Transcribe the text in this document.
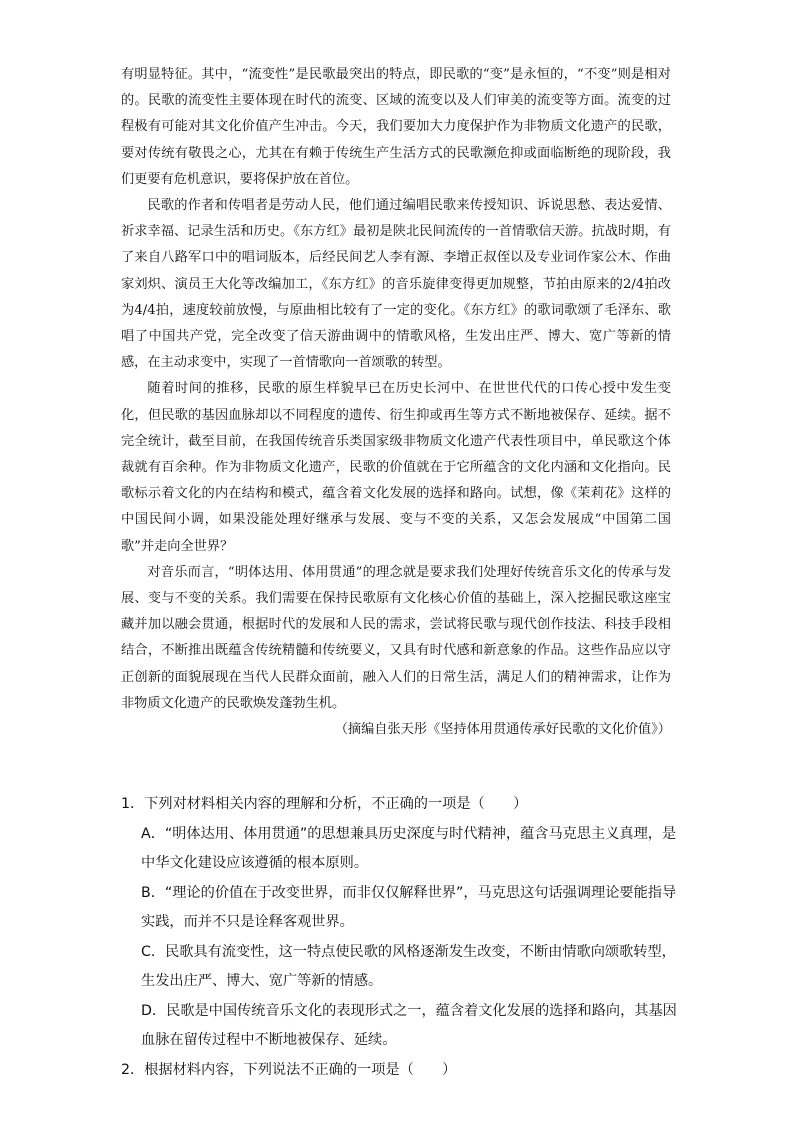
有明显特征。其中，“流变性”是民歌最突出的特点，即民歌的“变”是永恒的，“不变”则是相对的。民歌的流变性主要体现在时代的流变、区域的流变以及人们审美的流变等方面。流变的过程极有可能对其文化价值产生冲击。今天，我们要加大力度保护作为非物质文化遗产的民歌，要对传统有敬畏之心，尤其在有赖于传统生产生活方式的民歌濒危抑或面临断绝的现阶段，我们更要有危机意识，要将保护放在首位。

民歌的作者和传唱者是劳动人民，他们通过编唱民歌来传授知识、诉说思愁、表达爱情、祈求幸福、记录生活和历史。《东方红》最初是陕北民间流传的一首情歌信天游。抗战时期，有了来自八路军口中的唱词版本，后经民间艺人李有源、李增正叔侄以及专业词作家公木、作曲家刘炽、演员王大化等改编加工，《东方红》的音乐旋律变得更加规整，节拍由原来的2/4拍改为4/4拍，速度较前放慢，与原曲相比较有了一定的变化。《东方红》的歌词歌颂了毛泽东、歌唱了中国共产党，完全改变了信天游曲调中的情歌风格，生发出庄严、博大、宽广等新的情感，在主动求变中，实现了一首情歌向一首颂歌的转型。

随着时间的推移，民歌的原生样貌早已在历史长河中、在世世代代的口传心授中发生变化，但民歌的基因血脉却以不同程度的遗传、衍生抑或再生等方式不断地被保存、延续。据不完全统计，截至目前，在我国传统音乐类国家级非物质文化遗产代表性项目中，单民歌这个体裁就有百余种。作为非物质文化遗产，民歌的价值就在于它所蕴含的文化内涵和文化指向。民歌标示着文化的内在结构和模式，蕴含着文化发展的选择和路向。试想，像《茉莉花》这样的中国民间小调，如果没能处理好继承与发展、变与不变的关系，又怎会发展成“中国第二国歌”并走向全世界？

对音乐而言，“明体达用、体用贯通”的理念就是要求我们处理好传统音乐文化的传承与发展、变与不变的关系。我们需要在保持民歌原有文化核心价值的基础上，深入挖掘民歌这座宝藏并加以融会贯通，根据时代的发展和人民的需求，尝试将民歌与现代创作技法、科技手段相结合，不断推出既蕴含传统精髓和传统要义，又具有时代感和新意象的作品。这些作品应以守正创新的面貌展现在当代人民群众面前，融入人们的日常生活，满足人们的精神需求，让作为非物质文化遗产的民歌焕发蓬勃生机。

（摘编自张天彤《坚持体用贯通传承好民歌的文化价值》）

1．下列对材料相关内容的理解和分析，不正确的一项是（　　）

A．“明体达用、体用贯通”的思想兼具历史深度与时代精神，蕴含马克思主义真理，是中华文化建设应该遵循的根本原则。

B．“理论的价值在于改变世界，而非仅仅解释世界”，马克思这句话强调理论要能指导实践，而并不只是诠释客观世界。

C．民歌具有流变性，这一特点使民歌的风格逐渐发生改变，不断由情歌向颂歌转型，生发出庄严、博大、宽广等新的情感。

D．民歌是中国传统音乐文化的表现形式之一，蕴含着文化发展的选择和路向，其基因血脉在留传过程中不断地被保存、延续。

2．根据材料内容，下列说法不正确的一项是（　　）
